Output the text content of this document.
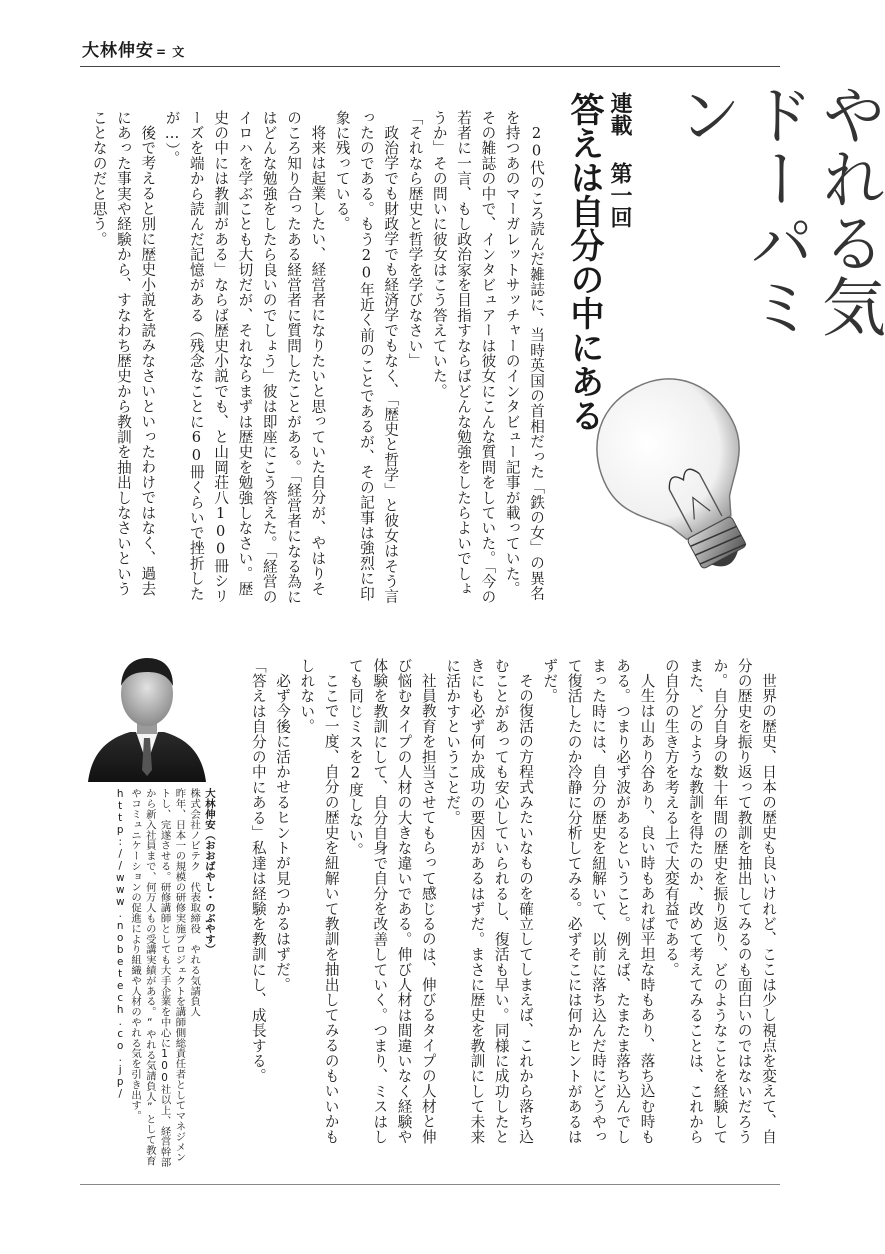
大林伸安 = 文
やれる気ドーパミン
連載第一回
答えは自分の中にある

20代のころ読んだ雑誌に、当時英国の首相だった「鉄の女」の異名を持つあのマーガレットサッチャーのインタビュー記事が載っていた。その雑誌の中で、インタビュアーは彼女にこんな質問をしていた。「今の若者に一言、もし政治家を目指すならばどんな勉強をしたらよいでしょうか」その問いに彼女はこう答えていた。

「それなら歴史と哲学を学びなさい」

政治学でも財政学でも経済学でもなく、「歴史と哲学」と彼女はそう言ったのである。もう20年近く前のことであるが、その記事は強烈に印象に残っている。

将来は起業したい、経営者になりたいと思っていた自分が、やはりそのころ知り合ったある経営者に質問したことがある。「経営者になる為にはどんな勉強をしたら良いのでしょう」彼は即座にこう答えた。「経営のイロハを学ぶことも大切だが、それならまずは歴史を勉強しなさい。歴史の中には教訓がある」ならば歴史小説でも、と山岡荘八100冊シリーズを端から読んだ記憶がある（残念なことに60冊くらいで挫折したが…）。

後で考えると別に歴史小説を読みなさいといったわけではなく、過去にあった事実や経験から、すなわち歴史から教訓を抽出しなさいということなのだと思う。

世界の歴史、日本の歴史も良いけれど、ここは少し視点を変えて、自分の歴史を振り返って教訓を抽出してみるのも面白いのではないだろうか。自分自身の数十年間の歴史を振り返り、どのようなことを経験してまた、どのような教訓を得たのか、改めて考えてみることは、これからの自分の生き方を考える上で大変有益である。

人生は山あり谷あり、良い時もあれば平坦な時もあり、落ち込む時もある。つまり必ず波があるということ。例えば、たまたま落ち込んでしまった時には、自分の歴史を紐解いて、以前に落ち込んだ時にどうやって復活したのか冷静に分析してみる。必ずそこには何かヒントがあるはずだ。

その復活の方程式みたいなものを確立してしまえば、これから落ち込むことがあっても安心していられるし、復活も早い。同様に成功したときにも必ず何か成功の要因があるはずだ。まさに歴史を教訓にして未来に活かすということだ。

社員教育を担当させてもらって感じるのは、伸びるタイプの人材と伸び悩むタイプの人材の大きな違いである。伸び人材は間違いなく経験や体験を教訓にして、自分自身で自分を改善していく。つまり、ミスはしても同じミスを2度しない。

ここで一度、自分の歴史を紐解いて教訓を抽出してみるのもいいかもしれない。

必ず今後に活かせるヒントが見つかるはずだ。

「答えは自分の中にある」私達は経験を教訓にし、成長する。

大林伸安（おおばやし・のぶやす）

株式会社ノビテク　代表取締役　やれる気請負人

昨年、日本一の規模の研修実施プロジェクトを講師側総責任者としてマネジメントし、完遂させる。研修講師としても大手企業を中心に100社以上、経営幹部から新入社員まで、何万人もの受講実績がある。“やれる気請負人”として教育やコミュニケーションの促進により組織や人材のやれる気を引き出す。

http://www.nobetech.co.jp/
